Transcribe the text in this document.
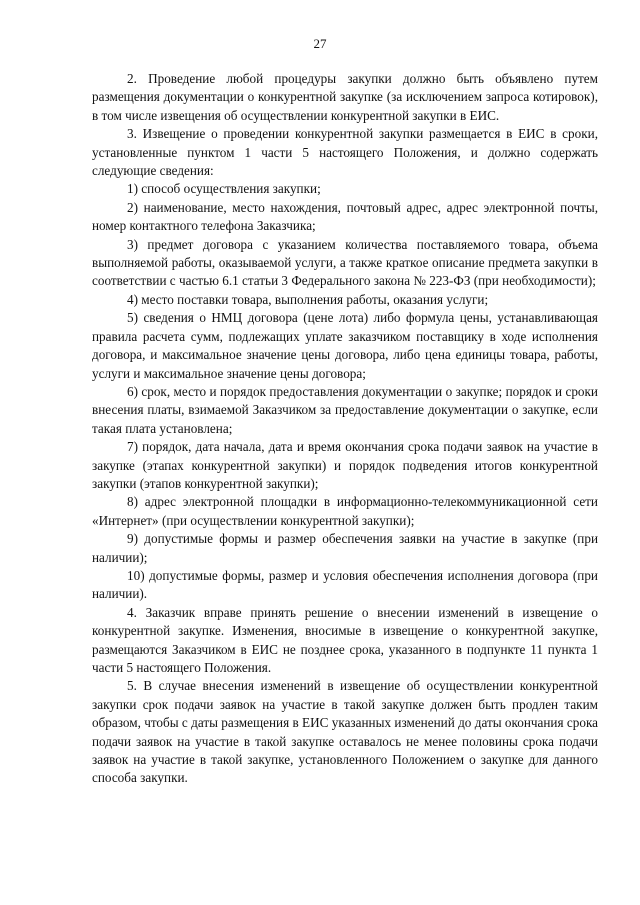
27

2. Проведение любой процедуры закупки должно быть объявлено путем размещения документации о конкурентной закупке (за исключением запроса котировок), в том числе извещения об осуществлении конкурентной закупки в ЕИС.

3. Извещение о проведении конкурентной закупки размещается в ЕИС в сроки, установленные пунктом 1 части 5 настоящего Положения, и должно содержать следующие сведения:

1) способ осуществления закупки;

2) наименование, место нахождения, почтовый адрес, адрес электронной почты, номер контактного телефона Заказчика;

3) предмет договора с указанием количества поставляемого товара, объема выполняемой работы, оказываемой услуги, а также краткое описание предмета закупки в соответствии с частью 6.1 статьи 3 Федерального закона № 223-ФЗ (при необходимости);

4) место поставки товара, выполнения работы, оказания услуги;

5) сведения о НМЦ договора (цене лота) либо формула цены, устанавливающая правила расчета сумм, подлежащих уплате заказчиком поставщику в ходе исполнения договора, и максимальное значение цены договора, либо цена единицы товара, работы, услуги и максимальное значение цены договора;

6) срок, место и порядок предоставления документации о закупке; порядок и сроки внесения платы, взимаемой Заказчиком за предоставление документации о закупке, если такая плата установлена;

7) порядок, дата начала, дата и время окончания срока подачи заявок на участие в закупке (этапах конкурентной закупки) и порядок подведения итогов конкурентной закупки (этапов конкурентной закупки);

8) адрес электронной площадки в информационно-телекоммуникационной сети «Интернет» (при осуществлении конкурентной закупки);

9) допустимые формы и размер обеспечения заявки на участие в закупке (при наличии);

10) допустимые формы, размер и условия обеспечения исполнения договора (при наличии).

4. Заказчик вправе принять решение о внесении изменений в извещение о конкурентной закупке. Изменения, вносимые в извещение о конкурентной закупке, размещаются Заказчиком в ЕИС не позднее срока, указанного в подпункте 11 пункта 1 части 5 настоящего Положения.

5. В случае внесения изменений в извещение об осуществлении конкурентной закупки срок подачи заявок на участие в такой закупке должен быть продлен таким образом, чтобы с даты размещения в ЕИС указанных изменений до даты окончания срока подачи заявок на участие в такой закупке оставалось не менее половины срока подачи заявок на участие в такой закупке, установленного Положением о закупке для данного способа закупки.
